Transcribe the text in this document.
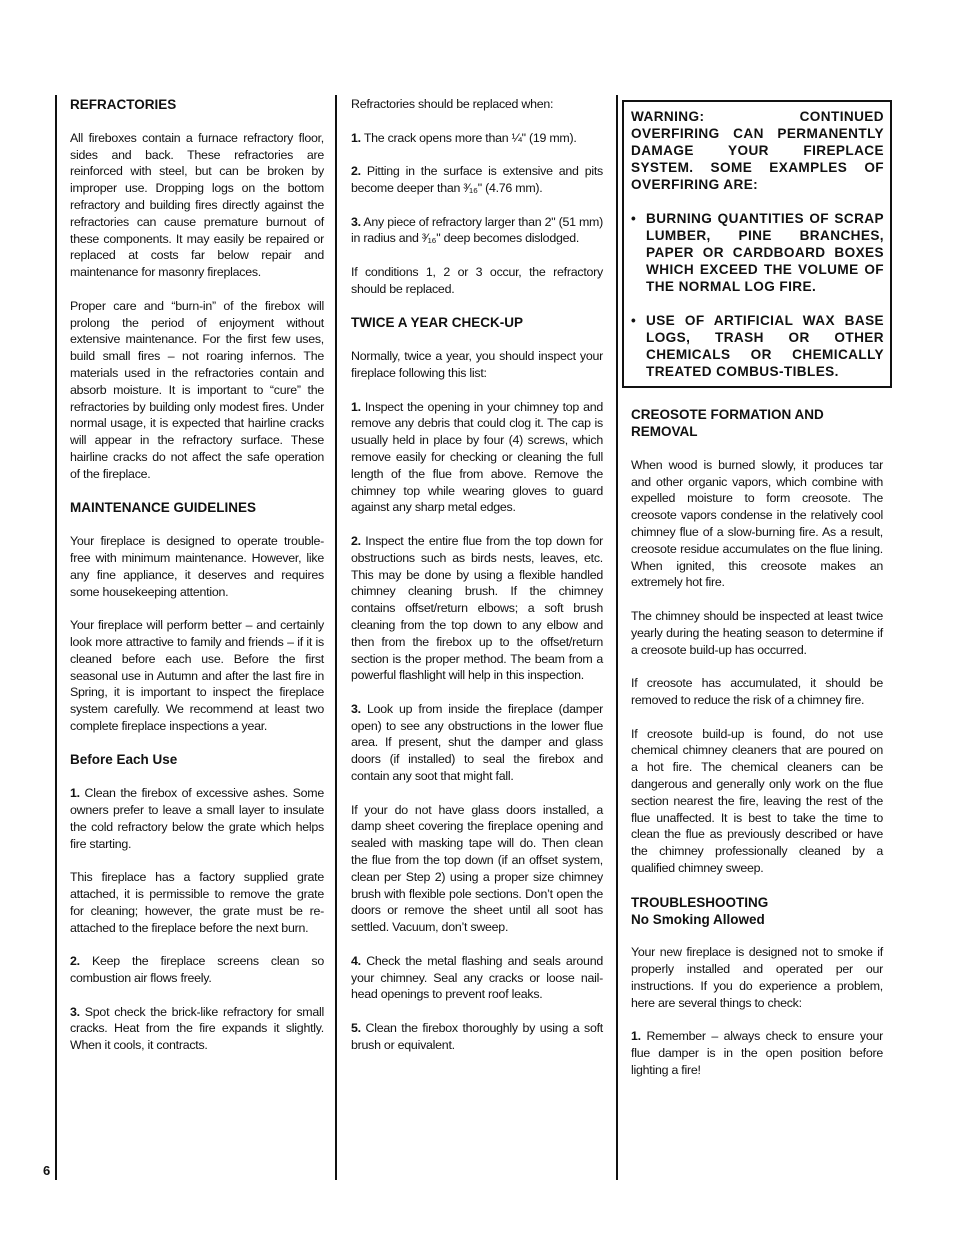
REFRACTORIES

All fireboxes contain a furnace refractory floor, sides and back. These refractories are reinforced with steel, but can be broken by improper use. Dropping logs on the bottom refractory and building fires directly against the refractories can cause premature burnout of these components. It may easily be repaired or replaced at costs far below repair and maintenance for masonry fireplaces.

Proper care and “burn-in” of the firebox will prolong the period of enjoyment without extensive maintenance. For the first few uses, build small fires – not roaring infernos. The materials used in the refractories contain and absorb moisture. It is important to “cure” the refractories by building only modest fires. Under normal usage, it is expected that hairline cracks will appear in the refractory surface. These hairline cracks do not affect the safe operation of the fireplace.

MAINTENANCE GUIDELINES

Your fireplace is designed to operate trouble-free with minimum maintenance. However, like any fine appliance, it deserves and requires some housekeeping attention.

Your fireplace will perform better – and certainly look more attractive to family and friends – if it is cleaned before each use. Before the first seasonal use in Autumn and after the last fire in Spring, it is important to inspect the fireplace system carefully. We recommend at least two complete fireplace inspections a year.

Before Each Use

1. Clean the firebox of excessive ashes. Some owners prefer to leave a small layer to insulate the cold refractory below the grate which helps fire starting.

This fireplace has a factory supplied grate attached, it is permissible to remove the grate for cleaning; however, the grate must be re-attached to the fireplace before the next burn.

2. Keep the fireplace screens clean so combustion air flows freely.

3. Spot check the brick-like refractory for small cracks. Heat from the fire expands it slightly. When it cools, it contracts.

Refractories should be replaced when:

1. The crack opens more than ¼" (19 mm).

2. Pitting in the surface is extensive and pits become deeper than ³⁄₁₆" (4.76 mm).

3. Any piece of refractory larger than 2" (51 mm) in radius and ³⁄₁₆" deep becomes dislodged.

If conditions 1, 2 or 3 occur, the refractory should be replaced.

TWICE A YEAR CHECK-UP

Normally, twice a year, you should inspect your fireplace following this list:

1. Inspect the opening in your chimney top and remove any debris that could clog it. The cap is usually held in place by four (4) screws, which remove easily for checking or cleaning the full length of the flue from above. Remove the chimney top while wearing gloves to guard against any sharp metal edges.

2. Inspect the entire flue from the top down for obstructions such as birds nests, leaves, etc. This may be done by using a flexible handled chimney cleaning brush. If the chimney contains offset/return elbows; a soft brush cleaning from the top down to any elbow and then from the firebox up to the offset/return section is the proper method. The beam from a powerful flashlight will help in this inspection.

3. Look up from inside the fireplace (damper open) to see any obstructions in the lower flue area. If present, shut the damper and glass doors (if installed) to seal the firebox and contain any soot that might fall.

If your do not have glass doors installed, a damp sheet covering the fireplace opening and sealed with masking tape will do. Then clean the flue from the top down (if an offset system, clean per Step 2) using a proper size chimney brush with flexible pole sections. Don’t open the doors or remove the sheet until all soot has settled. Vacuum, don’t sweep.

4. Check the metal flashing and seals around your chimney. Seal any cracks or loose nail-head openings to prevent roof leaks.

5. Clean the firebox thoroughly by using a soft brush or equivalent.

WARNING: CONTINUED OVERFIRING CAN PERMANENTLY DAMAGE YOUR FIREPLACE SYSTEM. SOME EXAMPLES OF OVERFIRING ARE:

• BURNING QUANTITIES OF SCRAP LUMBER, PINE BRANCHES, PAPER OR CARDBOARD BOXES WHICH EXCEED THE VOLUME OF THE NORMAL LOG FIRE.
• USE OF ARTIFICIAL WAX BASE LOGS, TRASH OR OTHER CHEMICALS OR CHEMICALLY TREATED COMBUS-TIBLES.
CREOSOTE FORMATION AND REMOVAL

When wood is burned slowly, it produces tar and other organic vapors, which combine with expelled moisture to form creosote. The creosote vapors condense in the relatively cool chimney flue of a slow-burning fire. As a result, creosote residue accumulates on the flue lining. When ignited, this creosote makes an extremely hot fire.

The chimney should be inspected at least twice yearly during the heating season to determine if a creosote build-up has occurred.

If creosote has accumulated, it should be removed to reduce the risk of a chimney fire.

If creosote build-up is found, do not use chemical chimney cleaners that are poured on a hot fire. The chemical cleaners can be dangerous and generally only work on the flue section nearest the fire, leaving the rest of the flue unaffected. It is best to take the time to clean the flue as previously described or have the chimney professionally cleaned by a qualified chimney sweep.

TROUBLESHOOTING
No Smoking Allowed

Your new fireplace is designed not to smoke if properly installed and operated per our instructions. If you do experience a problem, here are several things to check:

1. Remember – always check to ensure your flue damper is in the open position before lighting a fire!

6
